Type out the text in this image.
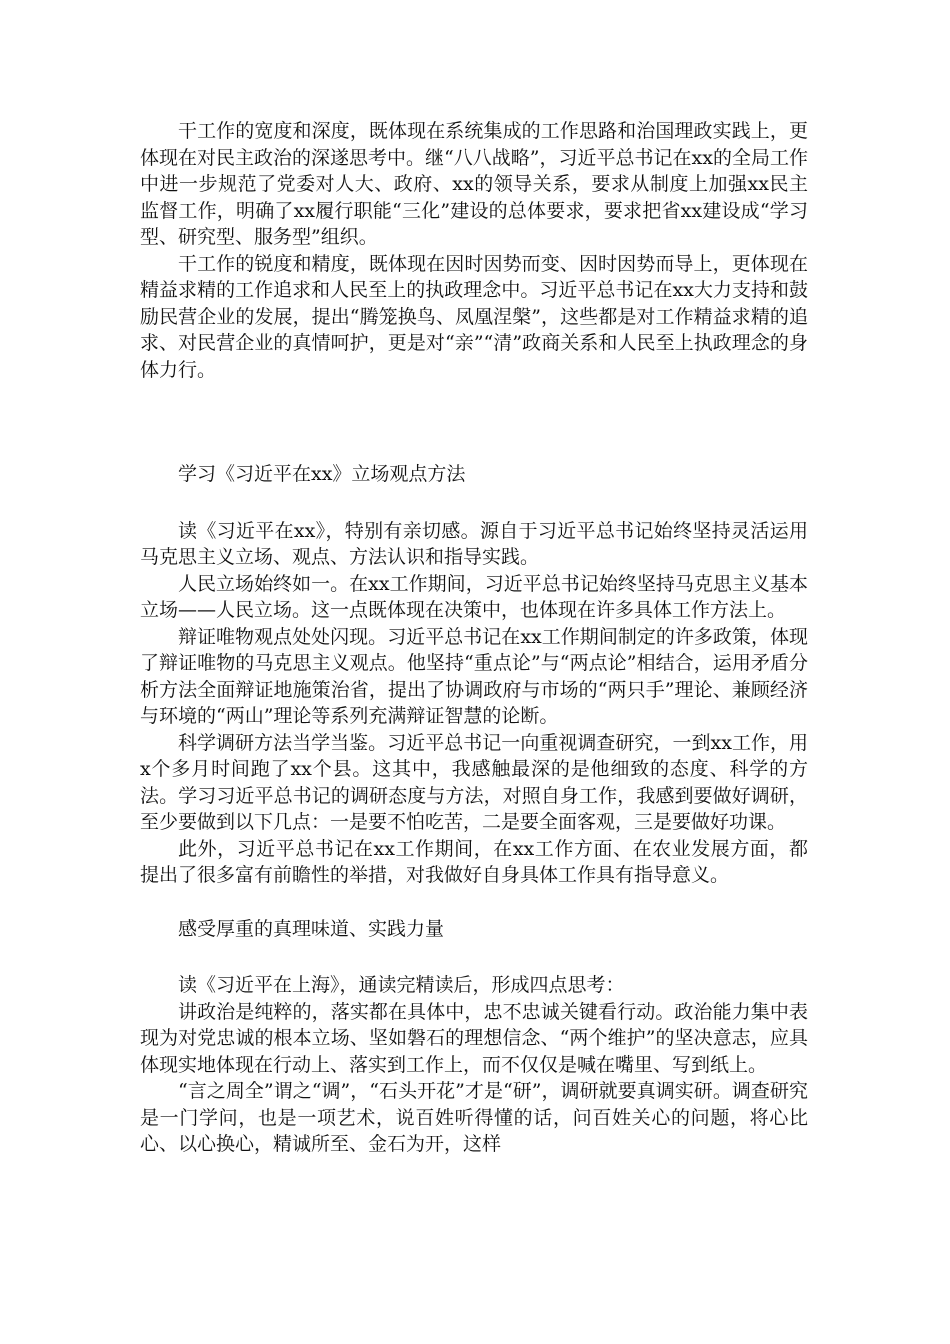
干工作的宽度和深度，既体现在系统集成的工作思路和治国理政实践上，更体现在对民主政治的深遂思考中。继“八八战略”，习近平总书记在xx的全局工作中进一步规范了党委对人大、政府、xx的领导关系，要求从制度上加强xx民主监督工作，明确了xx履行职能“三化”建设的总体要求，要求把省xx建设成“学习型、研究型、服务型”组织。

干工作的锐度和精度，既体现在因时因势而变、因时因势而导上，更体现在精益求精的工作追求和人民至上的执政理念中。习近平总书记在xx大力支持和鼓励民营企业的发展，提出“腾笼换鸟、凤凰涅槃”，这些都是对工作精益求精的追求、对民营企业的真情呵护，更是对“亲”“清”政商关系和人民至上执政理念的身体力行。

学习《习近平在xx》立场观点方法

读《习近平在xx》，特别有亲切感。源自于习近平总书记始终坚持灵活运用马克思主义立场、观点、方法认识和指导实践。

人民立场始终如一。在xx工作期间，习近平总书记始终坚持马克思主义基本立场——人民立场。这一点既体现在决策中，也体现在许多具体工作方法上。

辩证唯物观点处处闪现。习近平总书记在xx工作期间制定的许多政策，体现了辩证唯物的马克思主义观点。他坚持“重点论”与“两点论”相结合，运用矛盾分析方法全面辩证地施策治省，提出了协调政府与市场的“两只手”理论、兼顾经济与环境的“两山”理论等系列充满辩证智慧的论断。

科学调研方法当学当鉴。习近平总书记一向重视调查研究，一到xx工作，用x个多月时间跑了xx个县。这其中，我感触最深的是他细致的态度、科学的方法。学习习近平总书记的调研态度与方法，对照自身工作，我感到要做好调研，至少要做到以下几点：一是要不怕吃苦，二是要全面客观，三是要做好功课。

此外，习近平总书记在xx工作期间，在xx工作方面、在农业发展方面，都提出了很多富有前瞻性的举措，对我做好自身具体工作具有指导意义。

感受厚重的真理味道、实践力量

读《习近平在上海》，通读完精读后，形成四点思考：

讲政治是纯粹的，落实都在具体中，忠不忠诚关键看行动。政治能力集中表现为对党忠诚的根本立场、坚如磐石的理想信念、“两个维护”的坚决意志，应具体现实地体现在行动上、落实到工作上，而不仅仅是喊在嘴里、写到纸上。

“言之周全”谓之“调”，“石头开花”才是“研”，调研就要真调实研。调查研究是一门学问，也是一项艺术，说百姓听得懂的话，问百姓关心的问题，将心比心、以心换心，精诚所至、金石为开，这样
